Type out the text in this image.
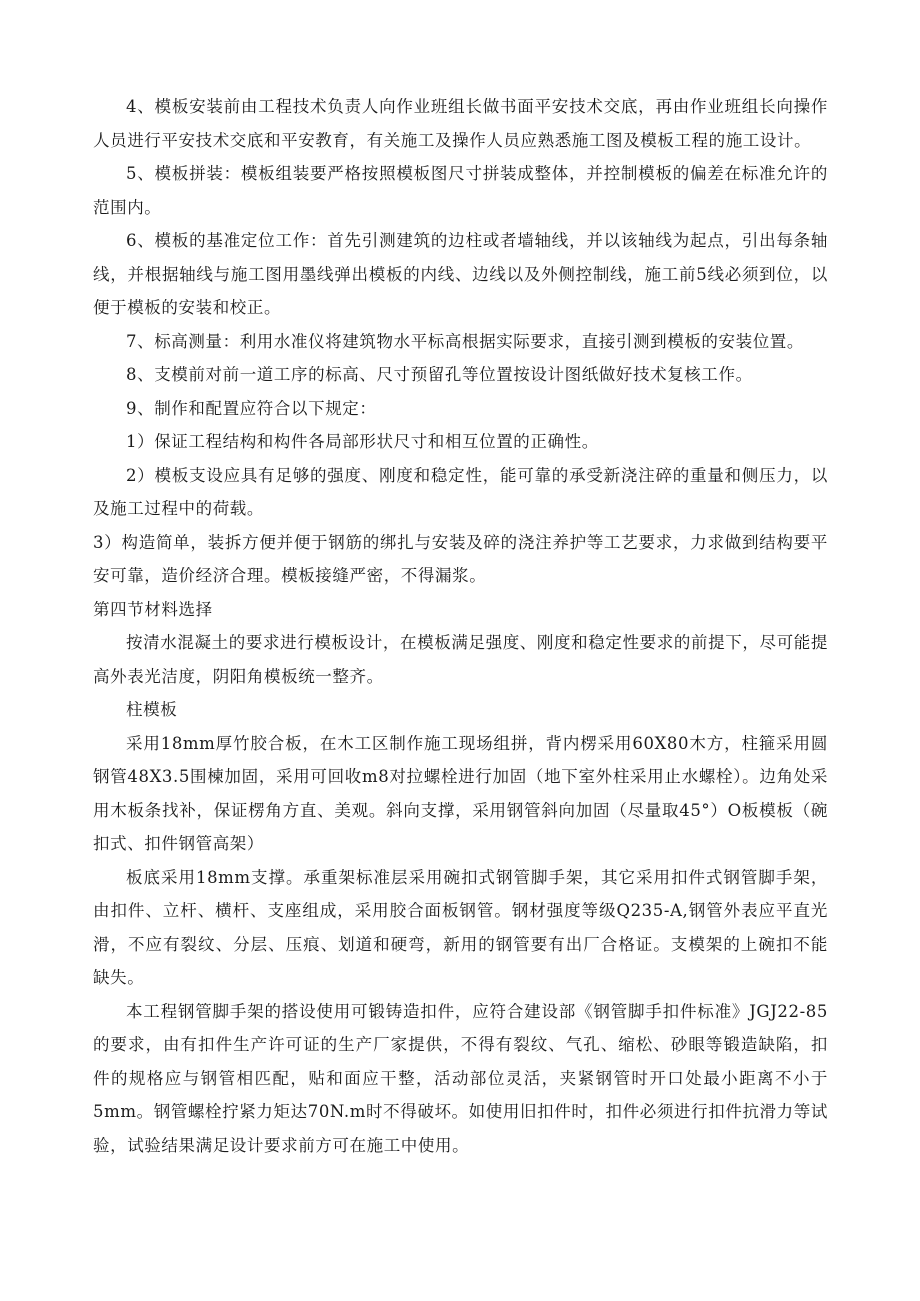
4、模板安装前由工程技术负责人向作业班组长做书面平安技术交底，再由作业班组长向操作人员进行平安技术交底和平安教育，有关施工及操作人员应熟悉施工图及模板工程的施工设计。

5、模板拼装：模板组装要严格按照模板图尺寸拼装成整体，并控制模板的偏差在标准允许的范围内。

6、模板的基准定位工作：首先引测建筑的边柱或者墙轴线，并以该轴线为起点，引出每条轴线，并根据轴线与施工图用墨线弹出模板的内线、边线以及外侧控制线，施工前5线必须到位，以便于模板的安装和校正。

7、标高测量：利用水准仪将建筑物水平标高根据实际要求，直接引测到模板的安装位置。

8、支模前对前一道工序的标高、尺寸预留孔等位置按设计图纸做好技术复核工作。

9、制作和配置应符合以下规定：

1）保证工程结构和构件各局部形状尺寸和相互位置的正确性。

2）模板支设应具有足够的强度、刚度和稳定性，能可靠的承受新浇注碎的重量和侧压力，以及施工过程中的荷载。

3）构造简单，装拆方便并便于钢筋的绑扎与安装及碎的浇注养护等工艺要求，力求做到结构要平安可靠，造价经济合理。模板接缝严密，不得漏浆。

第四节材料选择

按清水混凝土的要求进行模板设计，在模板满足强度、刚度和稳定性要求的前提下，尽可能提高外表光洁度，阴阳角模板统一整齐。

柱模板

采用18mm厚竹胶合板，在木工区制作施工现场组拼，背内楞采用60X80木方，柱箍采用圆钢管48X3.5围楝加固，采用可回收m8对拉螺栓进行加固（地下室外柱采用止水螺栓）。边角处采用木板条找补，保证楞角方直、美观。斜向支撑，采用钢管斜向加固（尽量取45°）O板模板（碗扣式、扣件钢管高架）

板底采用18mm支撑。承重架标准层采用碗扣式钢管脚手架，其它采用扣件式钢管脚手架，由扣件、立杆、横杆、支座组成，采用胶合面板钢管。钢材强度等级Q235-A,钢管外表应平直光滑，不应有裂纹、分层、压痕、划道和硬弯，新用的钢管要有出厂合格证。支模架的上碗扣不能缺失。

本工程钢管脚手架的搭设使用可锻铸造扣件，应符合建设部《钢管脚手扣件标准》JGJ22-85的要求，由有扣件生产许可证的生产厂家提供，不得有裂纹、气孔、缩松、砂眼等锻造缺陷，扣件的规格应与钢管相匹配，贴和面应干整，活动部位灵活，夹紧钢管时开口处最小距离不小于5mm。钢管螺栓拧紧力矩达70N.m时不得破坏。如使用旧扣件时，扣件必须进行扣件抗滑力等试验，试验结果满足设计要求前方可在施工中使用。
